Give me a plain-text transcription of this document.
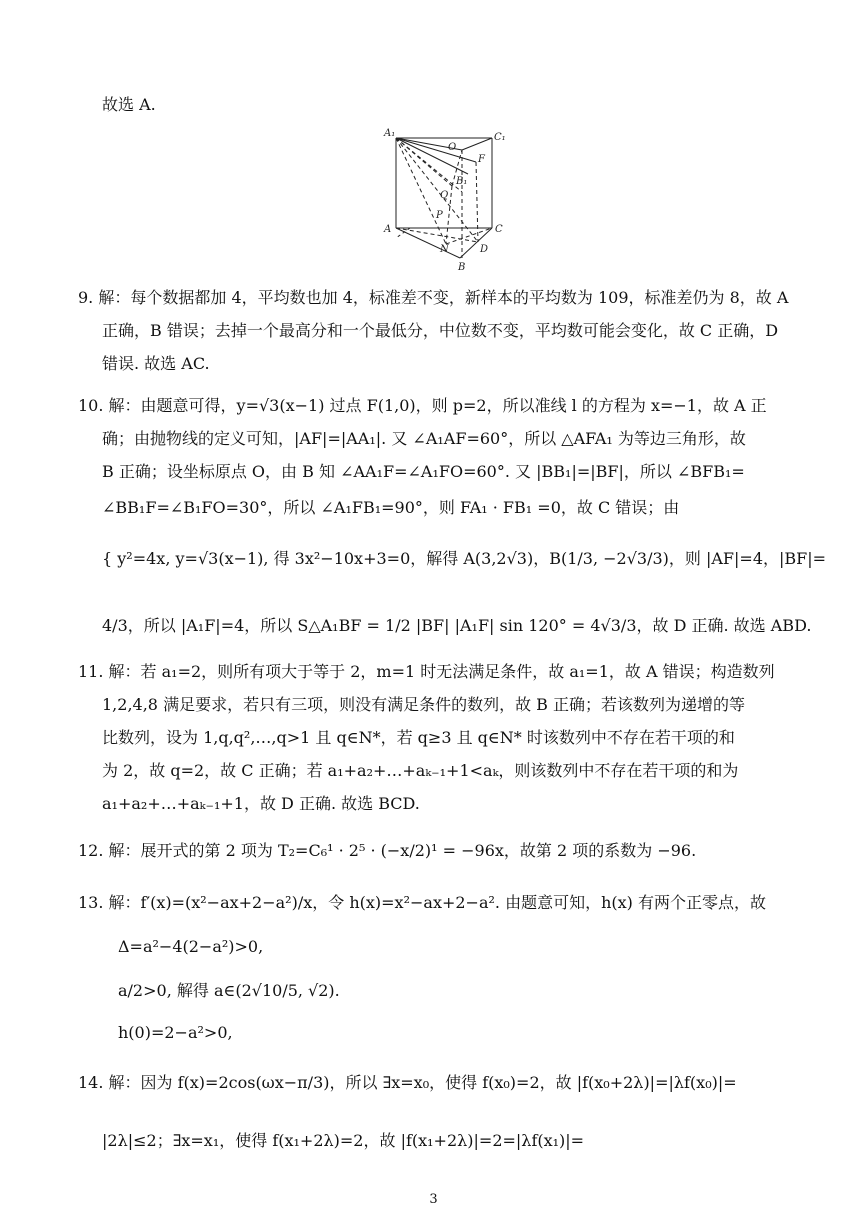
故选 A.
9. 解：每个数据都加 4，平均数也加 4，标准差不变，新样本的平均数为 109，标准差仍为 8，故 A
正确，B 错误；去掉一个最高分和一个最低分，中位数不变，平均数可能会变化，故 C 正确，D
错误. 故选 AC.
10. 解：由题意可得，y=√3(x−1) 过点 F(1,0)，则 p=2，所以准线 l 的方程为 x=−1，故 A 正
确；由抛物线的定义可知，|AF|=|AA₁|. 又 ∠A₁AF=60°，所以 △AFA₁ 为等边三角形，故
B 正确；设坐标原点 O，由 B 知 ∠AA₁F=∠A₁FO=60°. 又 |BB₁|=|BF|，所以 ∠BFB₁=
∠BB₁F=∠B₁FO=30°，所以 ∠A₁FB₁=90°，则 FA₁ · FB₁ =0，故 C 错误；由
{ y²=4x, y=√3(x−1), 得 3x²−10x+3=0，解得 A(3,2√3)，B(1/3, −2√3/3)，则 |AF|=4，|BF|=
4/3，所以 |A₁F|=4，所以 S△A₁BF = 1/2 |BF| |A₁F| sin 120° = 4√3/3，故 D 正确. 故选 ABD.
11. 解：若 a₁=2，则所有项大于等于 2，m=1 时无法满足条件，故 a₁=1，故 A 错误；构造数列
1,2,4,8 满足要求，若只有三项，则没有满足条件的数列，故 B 正确；若该数列为递增的等
比数列，设为 1,q,q²,…,q>1 且 q∈N*，若 q≥3 且 q∈N* 时该数列中不存在若干项的和
为 2，故 q=2，故 C 正确；若 a₁+a₂+…+aₖ₋₁+1<aₖ，则该数列中不存在若干项的和为
a₁+a₂+…+aₖ₋₁+1，故 D 正确. 故选 BCD.
12. 解：展开式的第 2 项为 T₂=C₆¹ · 2⁵ · (−x/2)¹ = −96x，故第 2 项的系数为 −96.
13. 解：f′(x)=(x²−ax+2−a²)/x，令 h(x)=x²−ax+2−a². 由题意可知，h(x) 有两个正零点，故
Δ=a²−4(2−a²)>0,
a/2>0, 解得 a∈(2√10/5, √2).
h(0)=2−a²>0,
14. 解：因为 f(x)=2cos(ωx−π/3)，所以 ∃x=x₀，使得 f(x₀)=2，故 |f(x₀+2λ)|=|λf(x₀)|=
|2λ|≤2；∃x=x₁，使得 f(x₁+2λ)=2，故 |f(x₁+2λ)|=2=|λf(x₁)|=
A₁	C₁
O
F
B₁
Q
P
A	C
N	D
B
3
